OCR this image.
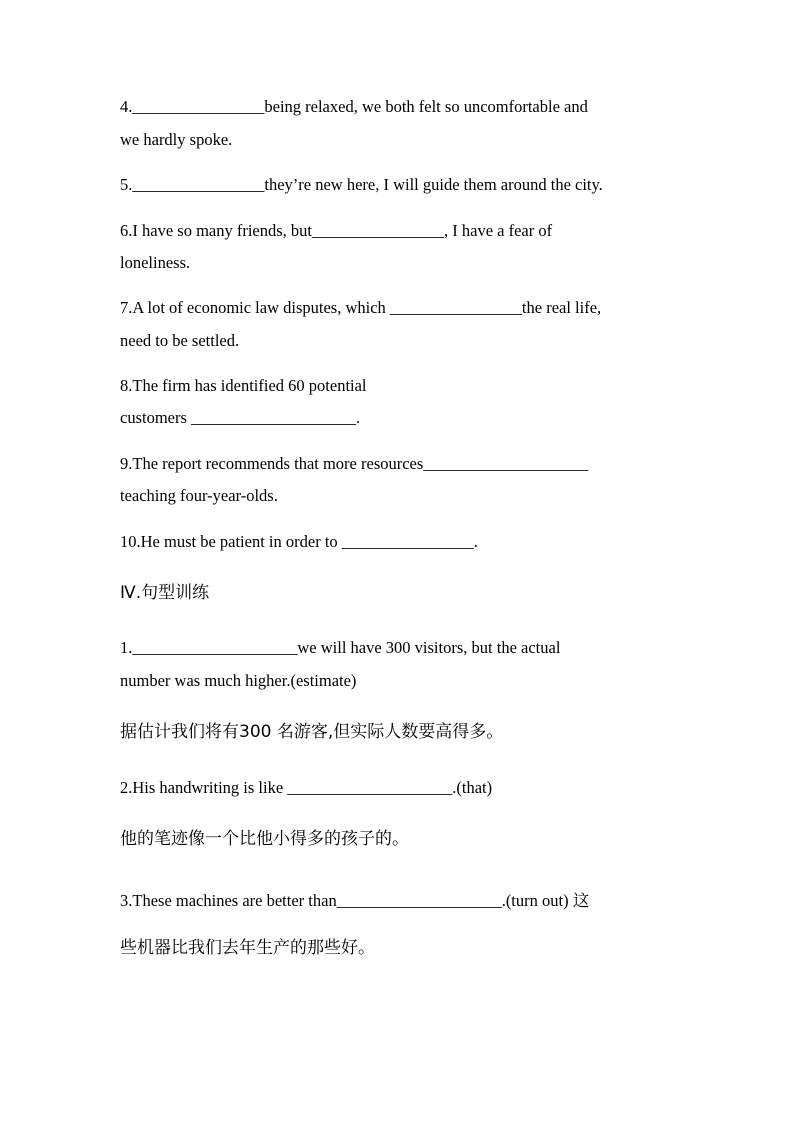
4.________________being relaxed, we both felt so uncomfortable and
we hardly spoke.
5.________________they’re new here, I will guide them around the city.
6.I have so many friends, but________________, I have a fear of
loneliness.
7.A lot of economic law disputes, which ________________the real life,
need to be settled.
8.The firm has identified 60 potential
customers ____________________.
9.The report recommends that more resources____________________
teaching four-year-olds.
10.He must be patient in order to ________________.
Ⅳ.句型训练
1.____________________we will have 300 visitors, but the actual
number was much higher.(estimate)
据估计我们将有300 名游客,但实际人数要高得多。
2.His handwriting is like ____________________.(that)
他的笔迹像一个比他小得多的孩子的。
3.These machines are better than____________________.(turn out) 这
些机器比我们去年生产的那些好。
